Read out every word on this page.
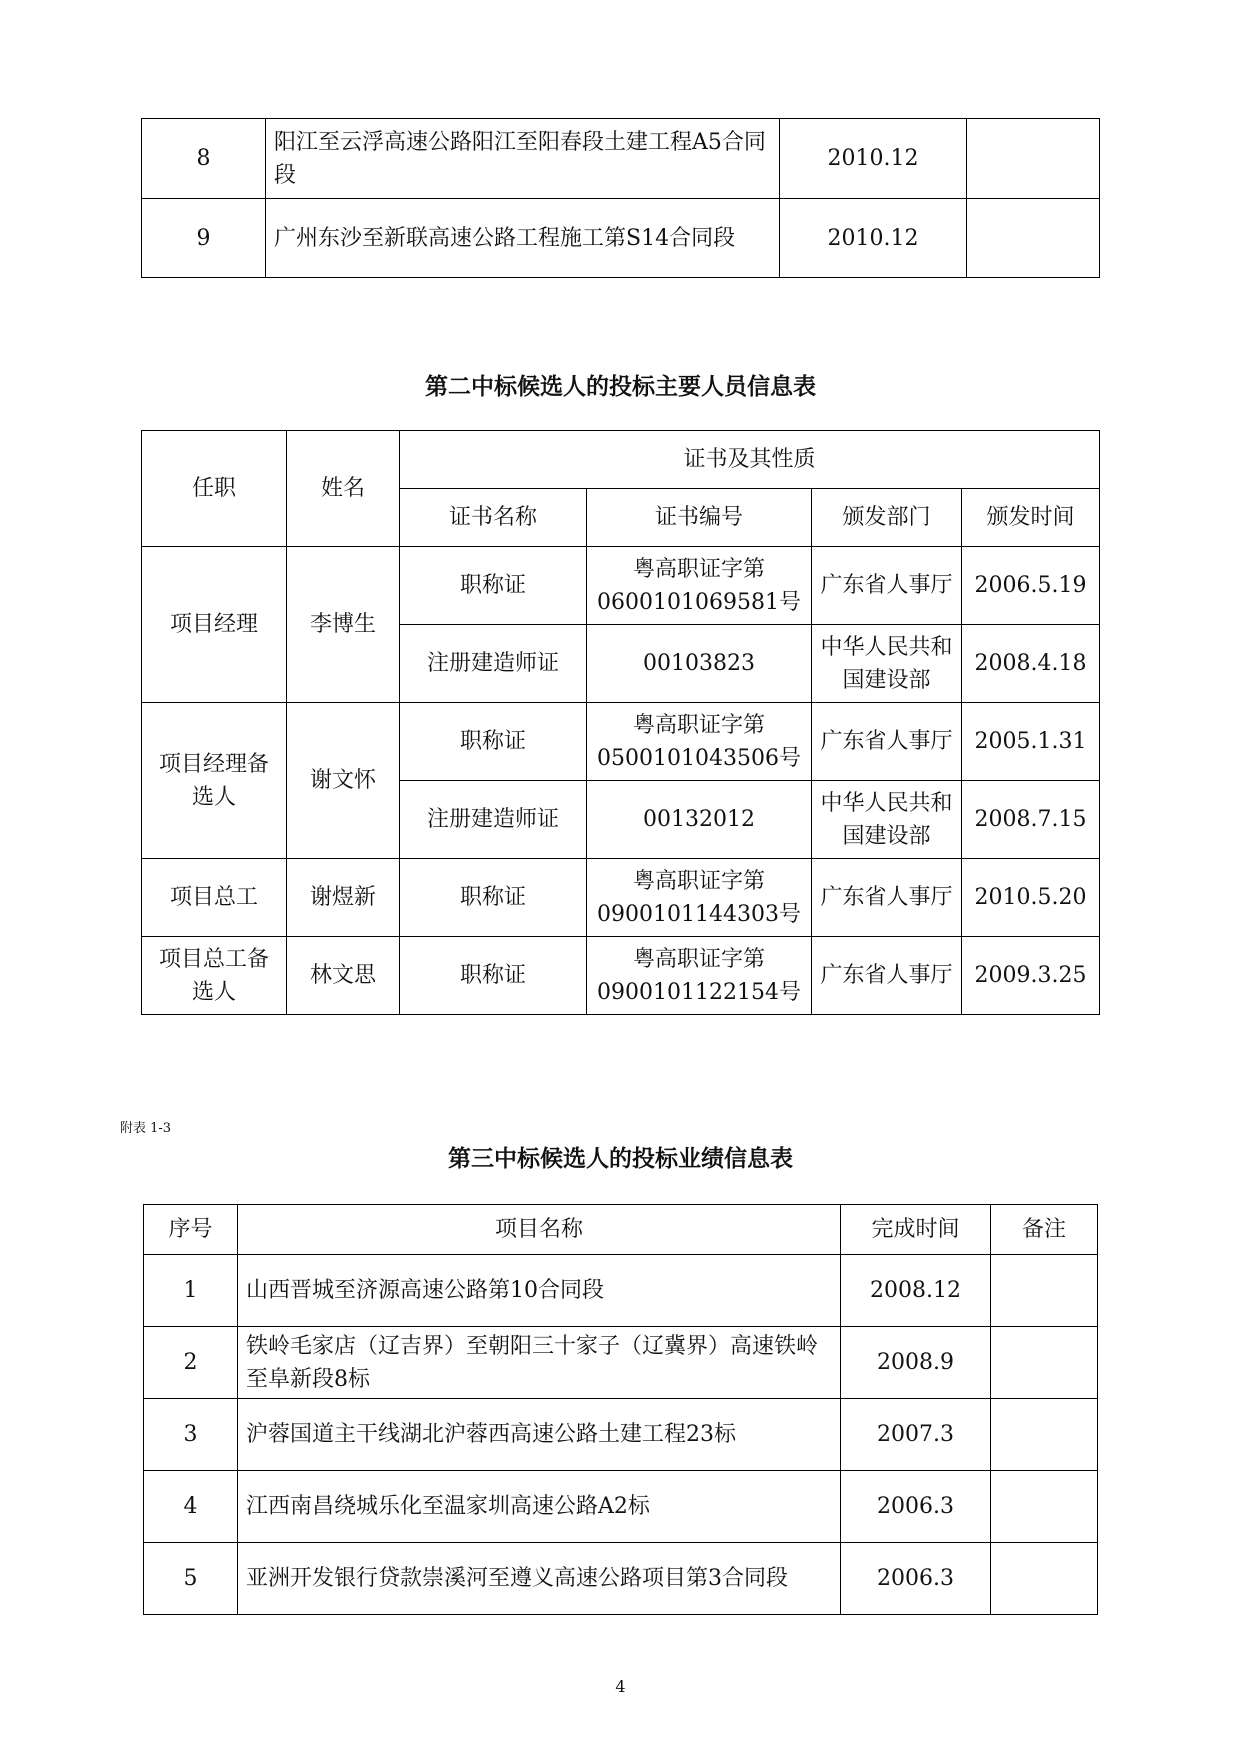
8	阳江至云浮高速公路阳江至阳春段土建工程A5合同段	2010.12	
9	广州东沙至新联高速公路工程施工第S14合同段	2010.12	
第二中标候选人的投标主要人员信息表
任职	姓名	证书及其性质			
		证书名称	证书编号	颁发部门	颁发时间
项目经理	李博生	职称证	粤高职证字第0600101069581号	广东省人事厅	2006.5.19
		注册建造师证	00103823	中华人民共和国建设部	2008.4.18
项目经理备选人	谢文怀	职称证	粤高职证字第0500101043506号	广东省人事厅	2005.1.31
		注册建造师证	00132012	中华人民共和国建设部	2008.7.15
项目总工	谢煜新	职称证	粤高职证字第0900101144303号	广东省人事厅	2010.5.20
项目总工备选人	林文思	职称证	粤高职证字第0900101122154号	广东省人事厅	2009.3.25
附表 1-3
第三中标候选人的投标业绩信息表
序号	项目名称	完成时间	备注
1	山西晋城至济源高速公路第10合同段	2008.12	
2	铁岭毛家店（辽吉界）至朝阳三十家子（辽冀界）高速铁岭至阜新段8标	2008.9	
3	沪蓉国道主干线湖北沪蓉西高速公路土建工程23标	2007.3	
4	江西南昌绕城乐化至温家圳高速公路A2标	2006.3	
5	亚洲开发银行贷款崇溪河至遵义高速公路项目第3合同段	2006.3	
4
